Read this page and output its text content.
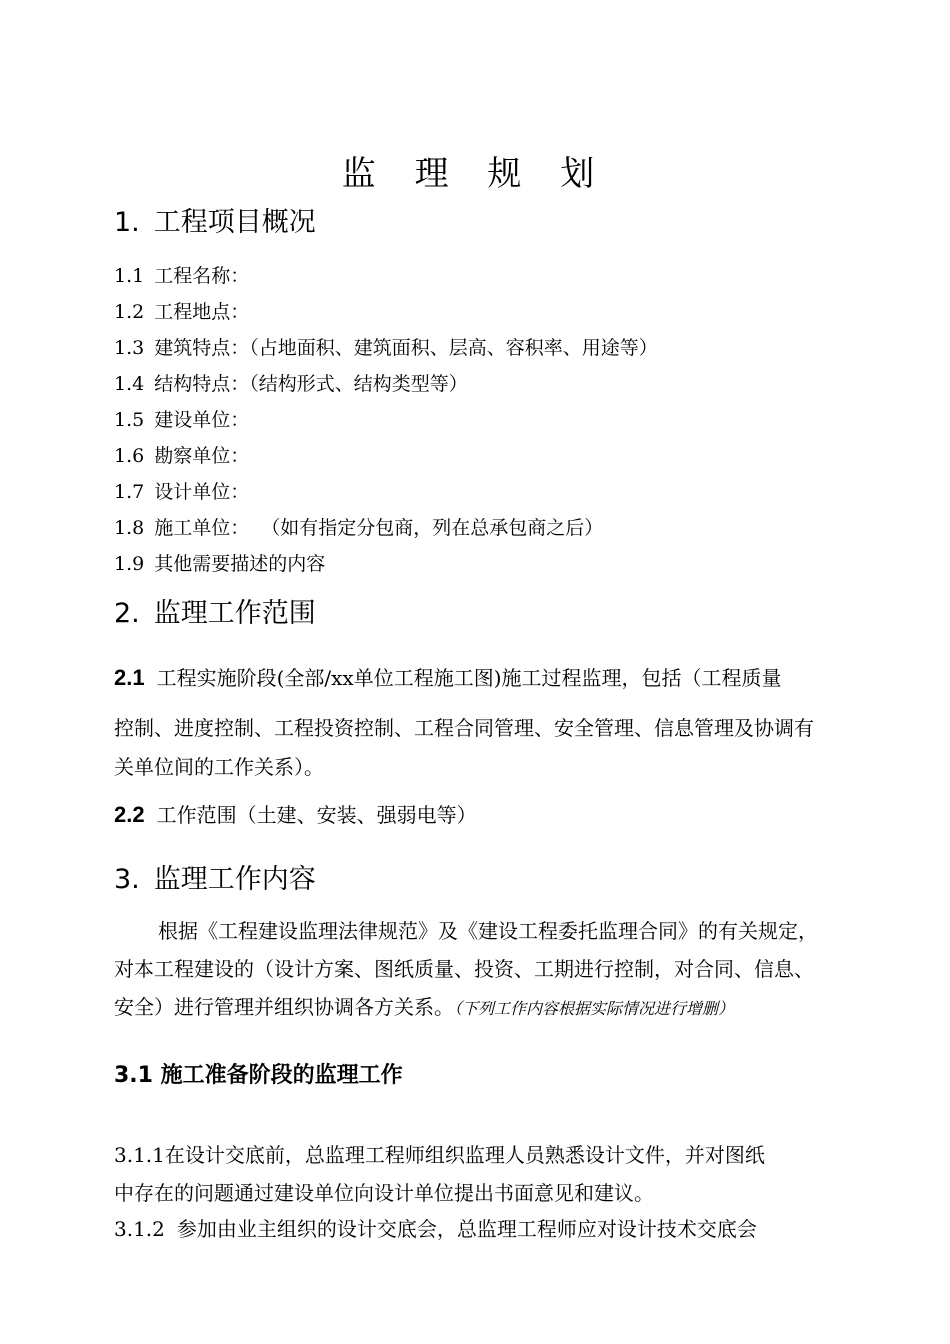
监 理 规 划
1. 工程项目概况
1.1 工程名称：
1.2 工程地点：
1.3 建筑特点：（占地面积、建筑面积、层高、容积率、用途等）
1.4 结构特点：（结构形式、结构类型等）
1.5 建设单位：
1.6 勘察单位：
1.7 设计单位：
1.8 施工单位：  （如有指定分包商，列在总承包商之后）
1.9 其他需要描述的内容
2. 监理工作范围
2.1 工程实施阶段(全部/xx单位工程施工图)施工过程监理，包括（工程质量
控制、进度控制、工程投资控制、工程合同管理、安全管理、信息管理及协调有
关单位间的工作关系）。
2.2 工作范围（土建、安装、强弱电等）
3. 监理工作内容
根据《工程建设监理法律规范》及《建设工程委托监理合同》的有关规定，
对本工程建设的（设计方案、图纸质量、投资、工期进行控制，对合同、信息、
安全）进行管理并组织协调各方关系。（下列工作内容根据实际情况进行增删）
3.1 施工准备阶段的监理工作
3.1.1在设计交底前，总监理工程师组织监理人员熟悉设计文件，并对图纸
中存在的问题通过建设单位向设计单位提出书面意见和建议。
3.1.2 参加由业主组织的设计交底会，总监理工程师应对设计技术交底会
